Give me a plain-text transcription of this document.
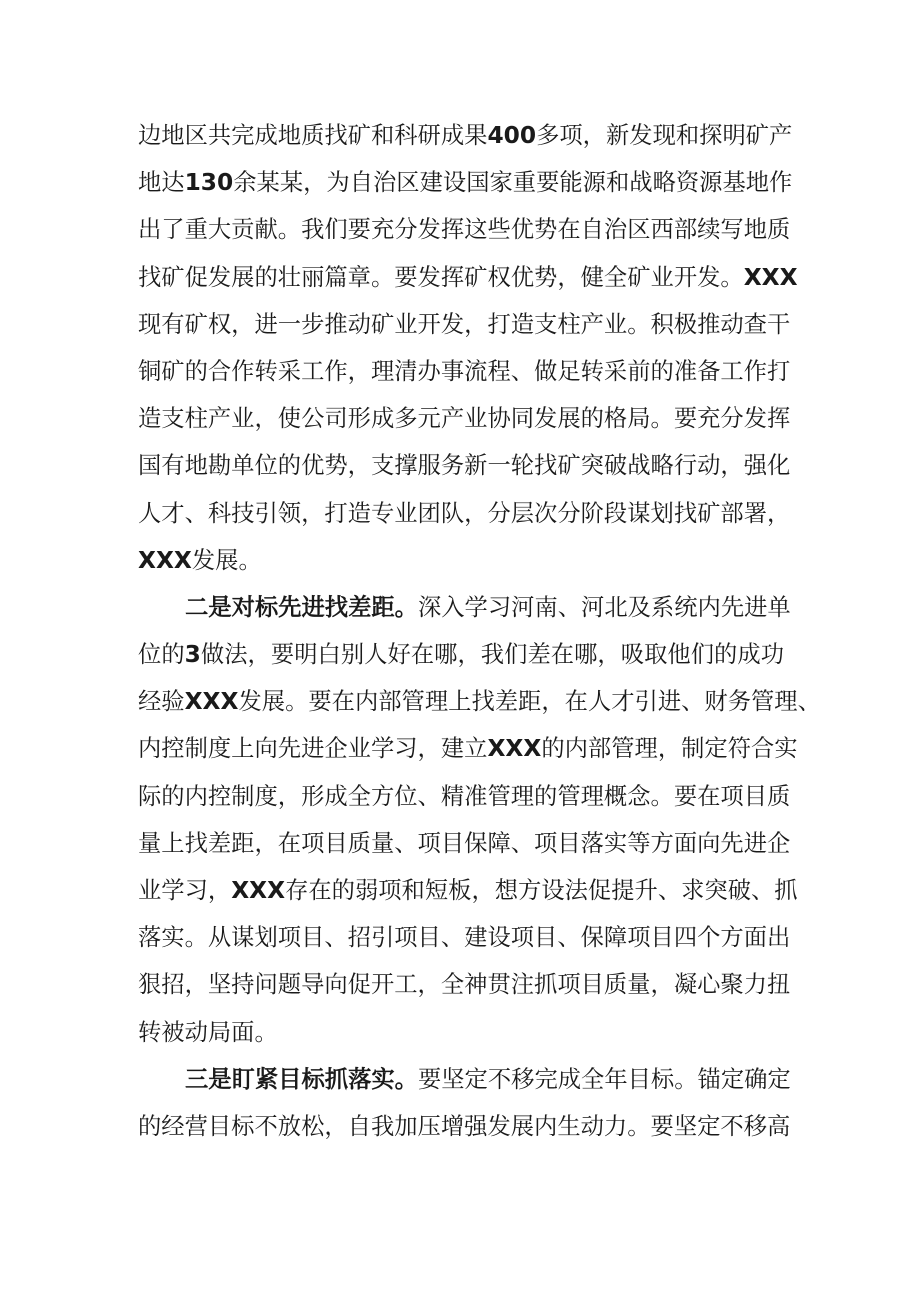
边地区共完成地质找矿和科研成果400多项，新发现和探明矿产
地达130余某某，为自治区建设国家重要能源和战略资源基地作
出了重大贡献。我们要充分发挥这些优势在自治区西部续写地质
找矿促发展的壮丽篇章。要发挥矿权优势，健全矿业开发。XXX
现有矿权，进一步推动矿业开发，打造支柱产业。积极推动查干
铜矿的合作转采工作，理清办事流程、做足转采前的准备工作打
造支柱产业，使公司形成多元产业协同发展的格局。要充分发挥
国有地勘单位的优势，支撑服务新一轮找矿突破战略行动，强化
人才、科技引领，打造专业团队，分层次分阶段谋划找矿部署，
XXX发展。
二是对标先进找差距。深入学习河南、河北及系统内先进单
位的3做法，要明白别人好在哪，我们差在哪，吸取他们的成功
经验XXX发展。要在内部管理上找差距，在人才引进、财务管理、
内控制度上向先进企业学习，建立XXX的内部管理，制定符合实
际的内控制度，形成全方位、精准管理的管理概念。要在项目质
量上找差距，在项目质量、项目保障、项目落实等方面向先进企
业学习，XXX存在的弱项和短板，想方设法促提升、求突破、抓
落实。从谋划项目、招引项目、建设项目、保障项目四个方面出
狠招，坚持问题导向促开工，全神贯注抓项目质量，凝心聚力扭
转被动局面。
三是盯紧目标抓落实。要坚定不移完成全年目标。锚定确定
的经营目标不放松，自我加压增强发展内生动力。要坚定不移高
